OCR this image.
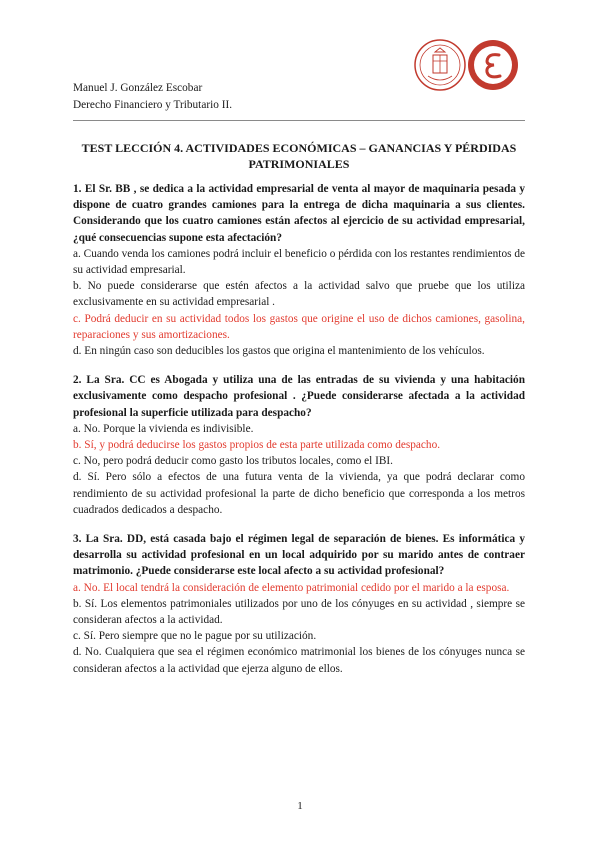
Manuel J. González Escobar
Derecho Financiero y Tributario II.
TEST LECCIÓN 4. ACTIVIDADES ECONÓMICAS – GANANCIAS Y PÉRDIDAS PATRIMONIALES

1. El Sr. BB , se dedica a la actividad empresarial de venta al mayor de maquinaria pesada y dispone de cuatro grandes camiones para la entrega de dicha maquinaria a sus clientes. Considerando que los cuatro camiones están afectos al ejercicio de su actividad empresarial, ¿qué consecuencias supone esta afectación?

a. Cuando venda los camiones podrá incluir el beneficio o pérdida con los restantes rendimientos de su actividad empresarial.

b. No puede considerarse que estén afectos a la actividad salvo que pruebe que los utiliza exclusivamente en su actividad empresarial .

c. Podrá deducir en su actividad todos los gastos que origine el uso de dichos camiones, gasolina, reparaciones y sus amortizaciones.

d. En ningún caso son deducibles los gastos que origina el mantenimiento de los vehículos.

2. La Sra. CC es Abogada y utiliza una de las entradas de su vivienda y una habitación exclusivamente como despacho profesional . ¿Puede considerarse afectada a la actividad profesional la superficie utilizada para despacho?

a. No. Porque la vivienda es indivisible.

b. Sí, y podrá deducirse los gastos propios de esta parte utilizada como despacho.

c. No, pero podrá deducir como gasto los tributos locales, como el IBI.

d. Sí. Pero sólo a efectos de una futura venta de la vivienda, ya que podrá declarar como rendimiento de su actividad profesional la parte de dicho beneficio que corresponda a los metros cuadrados dedicados a despacho.

3. La Sra. DD, está casada bajo el régimen legal de separación de bienes. Es informática y desarrolla su actividad profesional en un local adquirido por su marido antes de contraer matrimonio. ¿Puede considerarse este local afecto a su actividad profesional?

a. No. El local tendrá la consideración de elemento patrimonial cedido por el marido a la esposa.

b. Sí. Los elementos patrimoniales utilizados por uno de los cónyuges en su actividad , siempre se consideran afectos a la actividad.

c. Sí. Pero siempre que no le pague por su utilización.

d. No. Cualquiera que sea el régimen económico matrimonial los bienes de los cónyuges nunca se consideran afectos a la actividad que ejerza alguno de ellos.

1
